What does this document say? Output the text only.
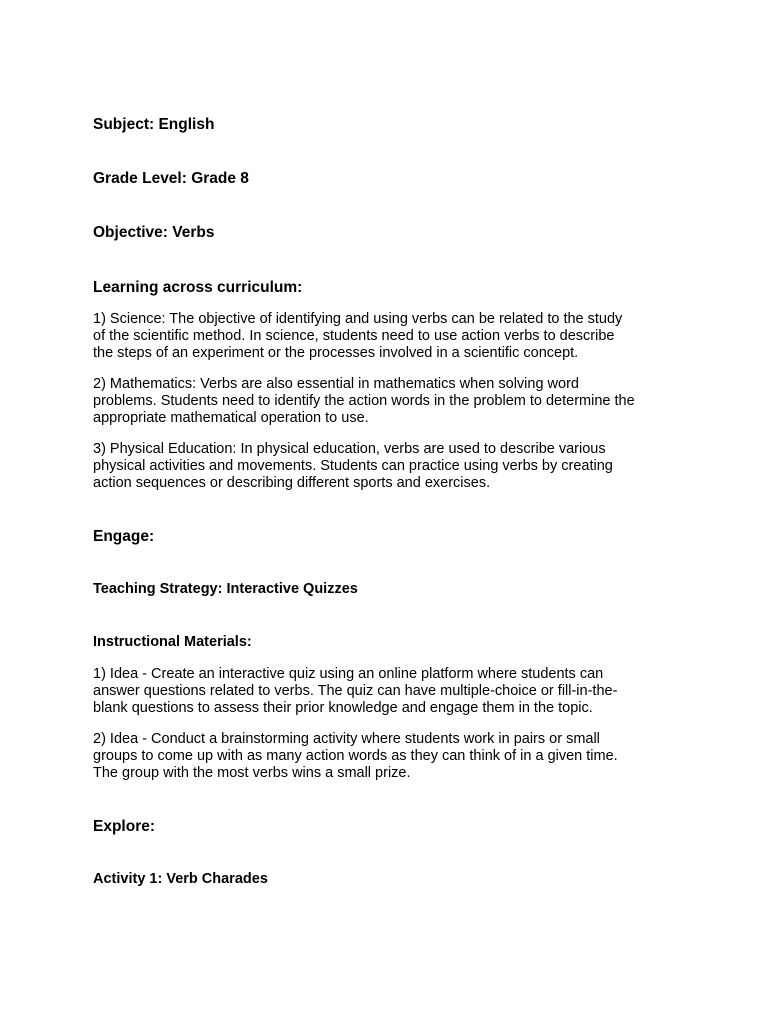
Subject: English

Grade Level: Grade 8

Objective: Verbs

Learning across curriculum:

1) Science: The objective of identifying and using verbs can be related to the study
of the scientific method. In science, students need to use action verbs to describe
the steps of an experiment or the processes involved in a scientific concept.
2) Mathematics: Verbs are also essential in mathematics when solving word
problems. Students need to identify the action words in the problem to determine the
appropriate mathematical operation to use.
3) Physical Education: In physical education, verbs are used to describe various
physical activities and movements. Students can practice using verbs by creating
action sequences or describing different sports and exercises.

Engage:

Teaching Strategy: Interactive Quizzes

Instructional Materials:

1) Idea - Create an interactive quiz using an online platform where students can
answer questions related to verbs. The quiz can have multiple-choice or fill-in-the-
blank questions to assess their prior knowledge and engage them in the topic.
2) Idea - Conduct a brainstorming activity where students work in pairs or small
groups to come up with as many action words as they can think of in a given time.
The group with the most verbs wins a small prize.

Explore:

Activity 1: Verb Charades
